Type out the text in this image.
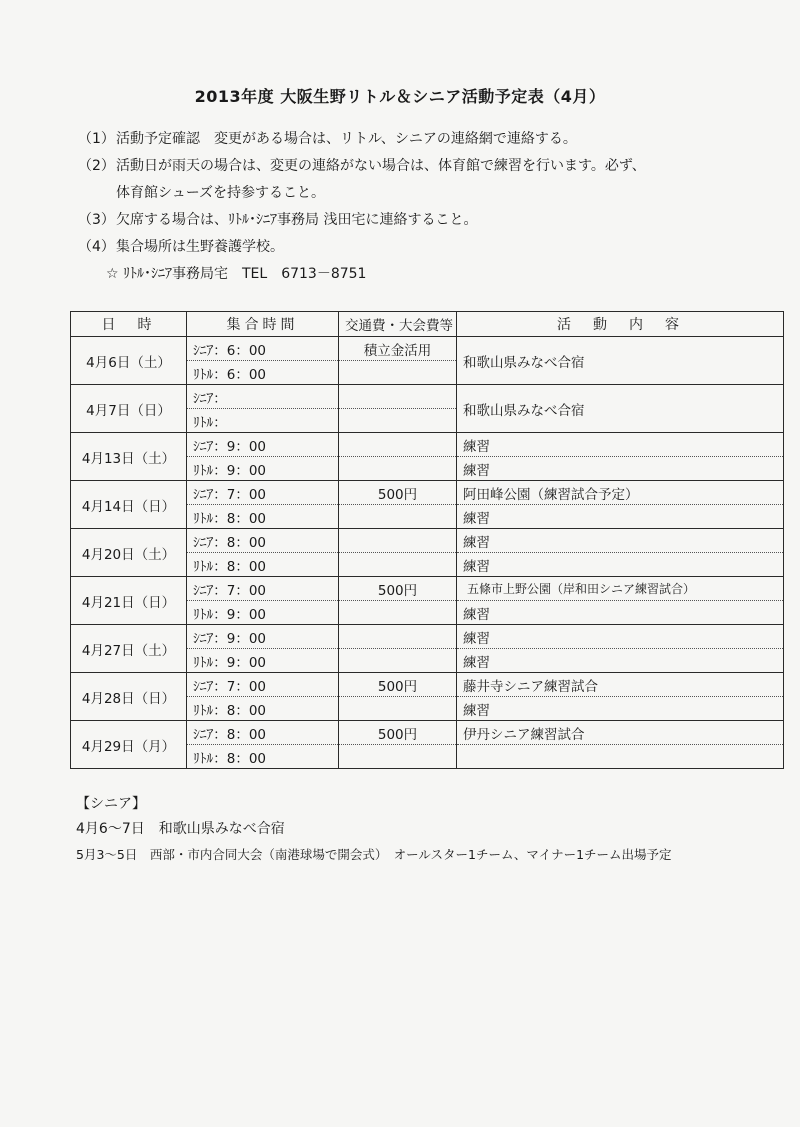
2013年度 大阪生野リトル＆シニア活動予定表（4月）
（1）活動予定確認　変更がある場合は、リトル、シニアの連絡網で連絡する。
（2）活動日が雨天の場合は、変更の連絡がない場合は、体育館で練習を行います。必ず、
体育館シューズを持参すること。
（3）欠席する場合は、ﾘﾄﾙ･ｼﾆｱ事務局 浅田宅に連絡すること。
（4）集合場所は生野養護学校。
☆ ﾘﾄﾙ･ｼﾆｱ事務局宅　TEL　6713－8751
日　時	集合時間	交通費・大会費等	活　動　内　容
4月6日（土）	ｼﾆｱ：6：00	積立金活用	和歌山県みなべ合宿
	ﾘﾄﾙ：6：00		
4月7日（日）	ｼﾆｱ：		和歌山県みなべ合宿
	ﾘﾄﾙ：		
4月13日（土）	ｼﾆｱ：9：00		練習
	ﾘﾄﾙ：9：00		練習
4月14日（日）	ｼﾆｱ：7：00	500円	阿田峰公園（練習試合予定）
	ﾘﾄﾙ：8：00		練習
4月20日（土）	ｼﾆｱ：8：00		練習
	ﾘﾄﾙ：8：00		練習
4月21日（日）	ｼﾆｱ：7：00	500円	五條市上野公園（岸和田シニア練習試合）
	ﾘﾄﾙ：9：00		練習
4月27日（土）	ｼﾆｱ：9：00		練習
	ﾘﾄﾙ：9：00		練習
4月28日（日）	ｼﾆｱ：7：00	500円	藤井寺シニア練習試合
	ﾘﾄﾙ：8：00		練習
4月29日（月）	ｼﾆｱ：8：00	500円	伊丹シニア練習試合
	ﾘﾄﾙ：8：00		
【シニア】
4月6～7日　和歌山県みなべ合宿
5月3～5日　西部・市内合同大会（南港球場で開会式）　オールスター1チーム、マイナー1チーム出場予定
